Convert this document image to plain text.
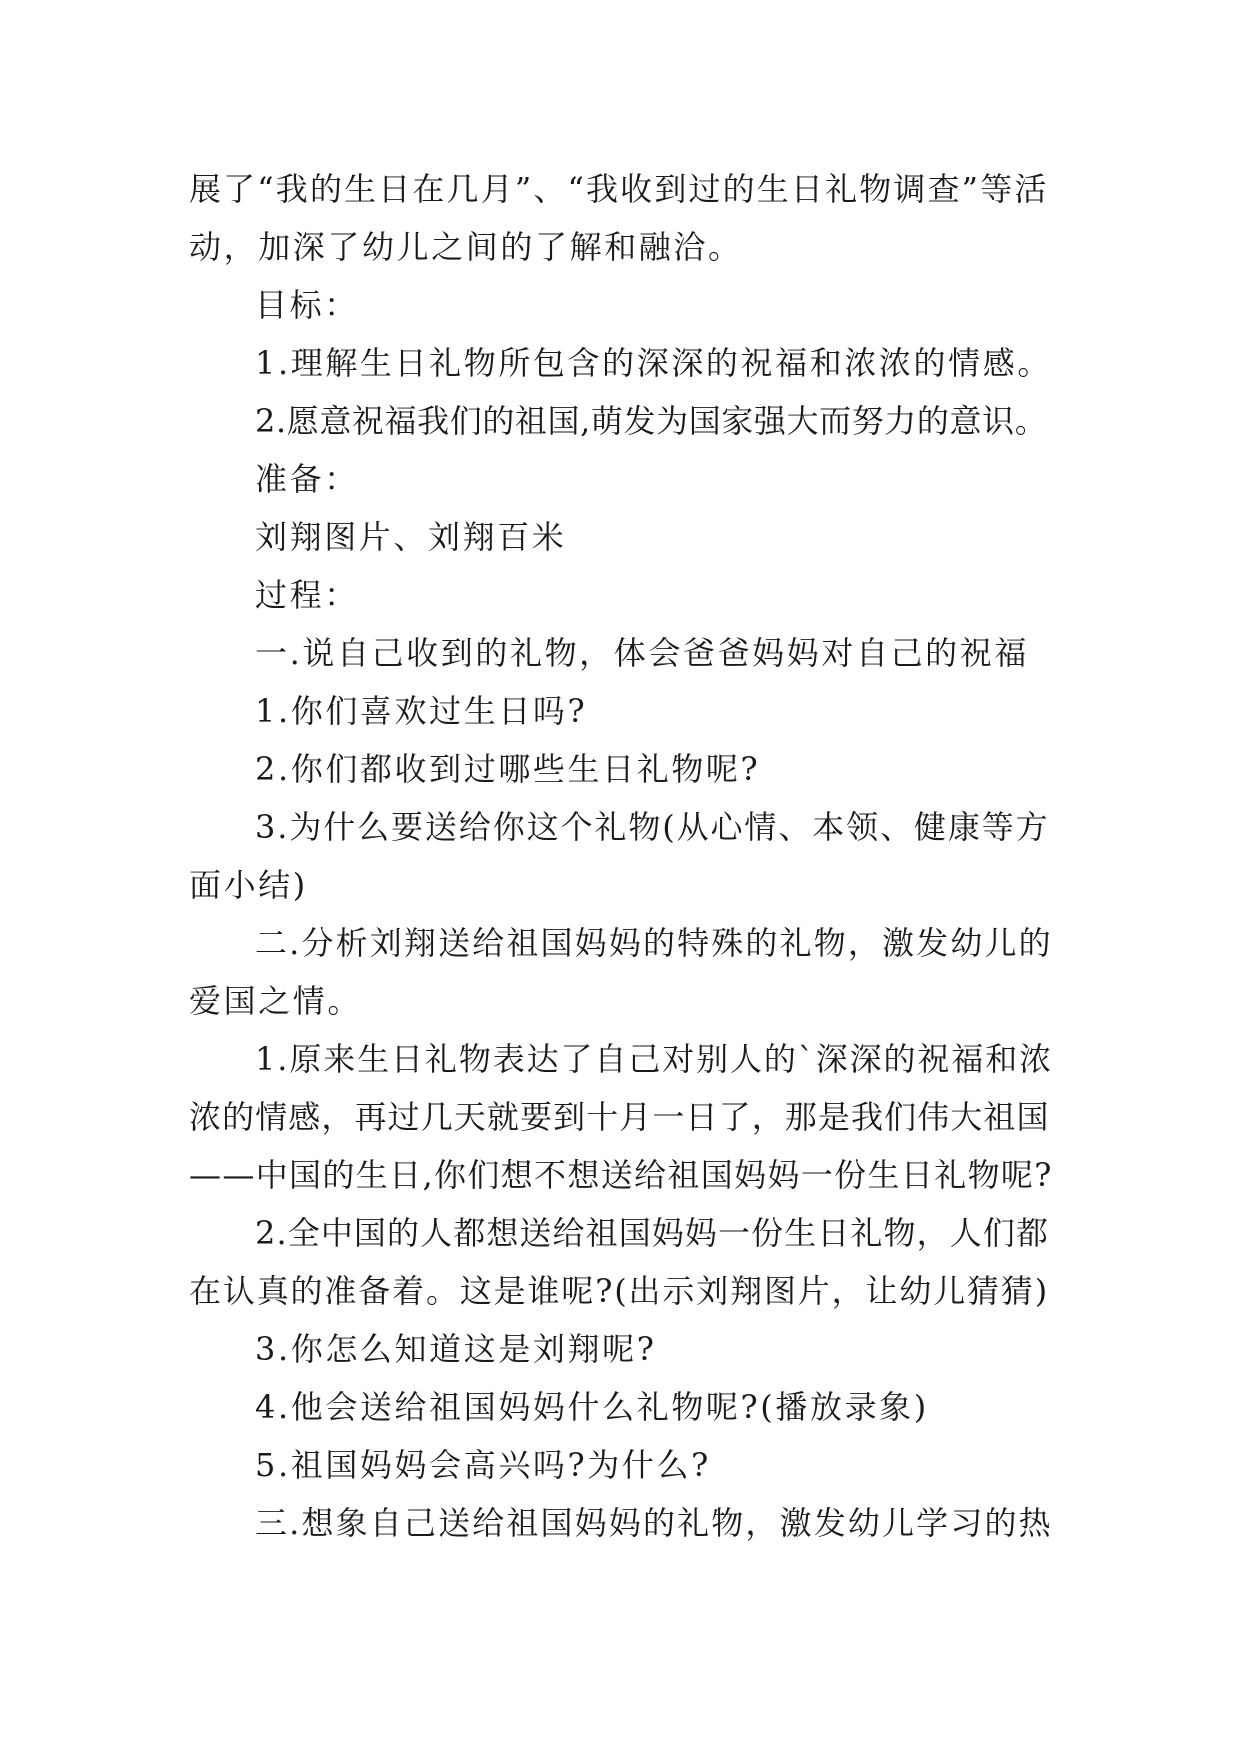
展了“我的生日在几月”、“我收到过的生日礼物调查”等活
动，加深了幼儿之间的了解和融洽。
目标：
1.理解生日礼物所包含的深深的祝福和浓浓的情感。
2.愿意祝福我们的祖国,萌发为国家强大而努力的意识。
准备：
刘翔图片、刘翔百米
过程：
一.说自己收到的礼物，体会爸爸妈妈对自己的祝福
1.你们喜欢过生日吗?
2.你们都收到过哪些生日礼物呢?
3.为什么要送给你这个礼物(从心情、本领、健康等方
面小结)
二.分析刘翔送给祖国妈妈的特殊的礼物，激发幼儿的
爱国之情。
1.原来生日礼物表达了自己对别人的`深深的祝福和浓
浓的情感，再过几天就要到十月一日了，那是我们伟大祖国
——中国的生日,你们想不想送给祖国妈妈一份生日礼物呢?
2.全中国的人都想送给祖国妈妈一份生日礼物，人们都
在认真的准备着。这是谁呢?(出示刘翔图片，让幼儿猜猜)
3.你怎么知道这是刘翔呢?
4.他会送给祖国妈妈什么礼物呢?(播放录象)
5.祖国妈妈会高兴吗?为什么?
三.想象自己送给祖国妈妈的礼物，激发幼儿学习的热
